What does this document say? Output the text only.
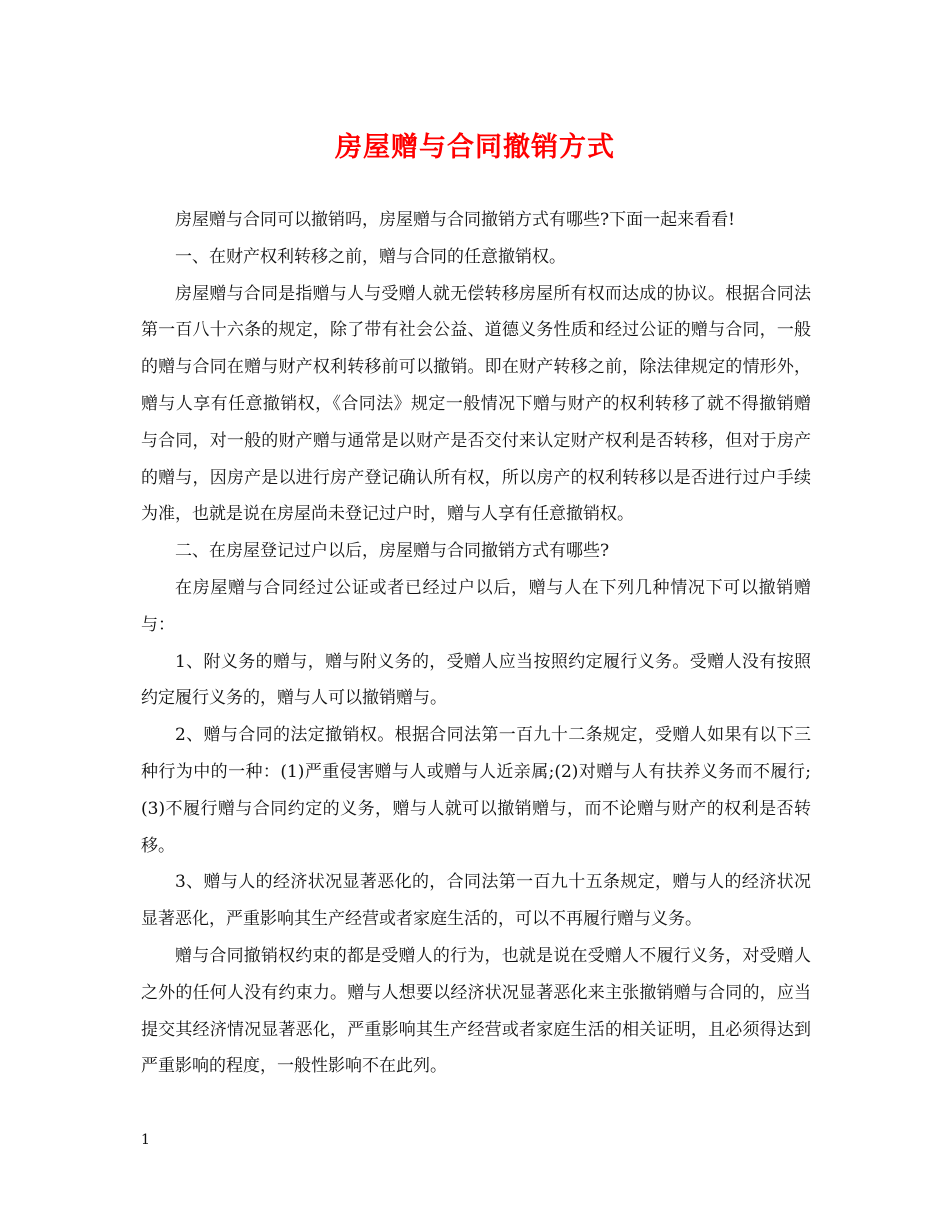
房屋赠与合同撤销方式

房屋赠与合同可以撤销吗，房屋赠与合同撤销方式有哪些?下面一起来看看!

一、在财产权利转移之前，赠与合同的任意撤销权。

房屋赠与合同是指赠与人与受赠人就无偿转移房屋所有权而达成的协议。根据合同法第一百八十六条的规定，除了带有社会公益、道德义务性质和经过公证的赠与合同，一般的赠与合同在赠与财产权利转移前可以撤销。即在财产转移之前，除法律规定的情形外，赠与人享有任意撤销权，《合同法》规定一般情况下赠与财产的权利转移了就不得撤销赠与合同，对一般的财产赠与通常是以财产是否交付来认定财产权利是否转移，但对于房产的赠与，因房产是以进行房产登记确认所有权，所以房产的权利转移以是否进行过户手续为准，也就是说在房屋尚未登记过户时，赠与人享有任意撤销权。

二、在房屋登记过户以后，房屋赠与合同撤销方式有哪些?

在房屋赠与合同经过公证或者已经过户以后，赠与人在下列几种情况下可以撤销赠与：

1、附义务的赠与，赠与附义务的，受赠人应当按照约定履行义务。受赠人没有按照约定履行义务的，赠与人可以撤销赠与。

2、赠与合同的法定撤销权。根据合同法第一百九十二条规定，受赠人如果有以下三种行为中的一种：(1)严重侵害赠与人或赠与人近亲属;(2)对赠与人有扶养义务而不履行;(3)不履行赠与合同约定的义务，赠与人就可以撤销赠与，而不论赠与财产的权利是否转移。

3、赠与人的经济状况显著恶化的，合同法第一百九十五条规定，赠与人的经济状况显著恶化，严重影响其生产经营或者家庭生活的，可以不再履行赠与义务。

赠与合同撤销权约束的都是受赠人的行为，也就是说在受赠人不履行义务，对受赠人之外的任何人没有约束力。赠与人想要以经济状况显著恶化来主张撤销赠与合同的，应当提交其经济情况显著恶化，严重影响其生产经营或者家庭生活的相关证明，且必须得达到严重影响的程度，一般性影响不在此列。

1
